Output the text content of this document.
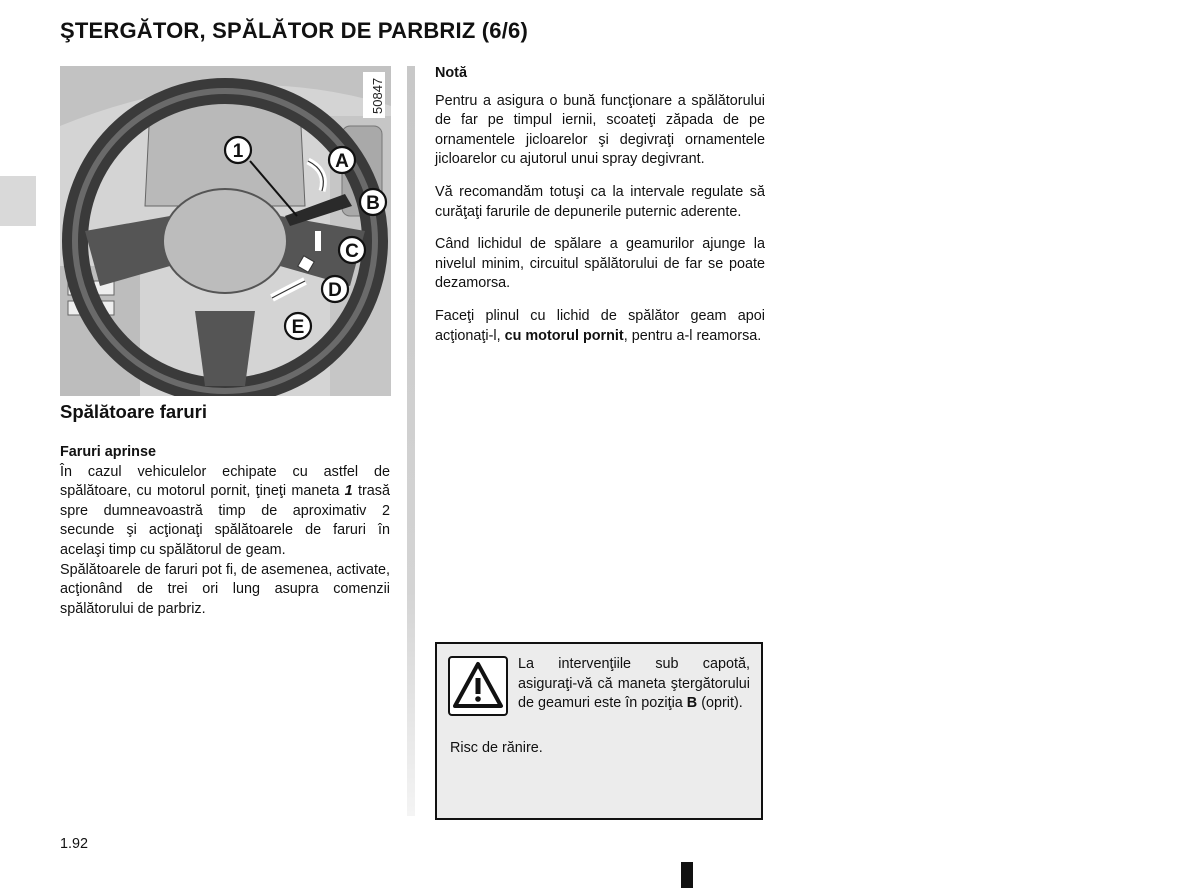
ŞTERGĂTOR, SPĂLĂTOR DE PARBRIZ (6/6)
50847
1	A
B
C
D
E
Spălătoare faruri
Faruri aprinse
În cazul vehiculelor echipate cu astfel de spălătoare, cu motorul pornit, ţineţi maneta 1 trasă spre dumneavoastră timp de aproximativ 2 secunde şi acţionaţi spălătoarele de faruri în acelaşi timp cu spălătorul de geam.
Spălătoarele de faruri pot fi, de asemenea, activate, acţionând de trei ori lung asupra comenzii spălătorului de parbriz.

Notă

Pentru a asigura o bună funcţionare a spălătorului de far pe timpul iernii, scoateţi zăpada de pe ornamentele jicloarelor şi degivraţi ornamentele jicloarelor cu ajutorul unui spray degivrant.

Vă recomandăm totuşi ca la intervale regulate să curăţaţi farurile de depunerile puternic aderente.

Când lichidul de spălare a geamurilor ajunge la nivelul minim, circuitul spălătorului de far se poate dezamorsa.

Faceţi plinul cu lichid de spălător geam apoi acţionaţi-l, cu motorul pornit, pentru a-l reamorsa.

La intervenţiile sub capotă, asiguraţi-vă că maneta ştergătorului de geamuri este în poziţia B (oprit).
Risc de rănire.
1.92
